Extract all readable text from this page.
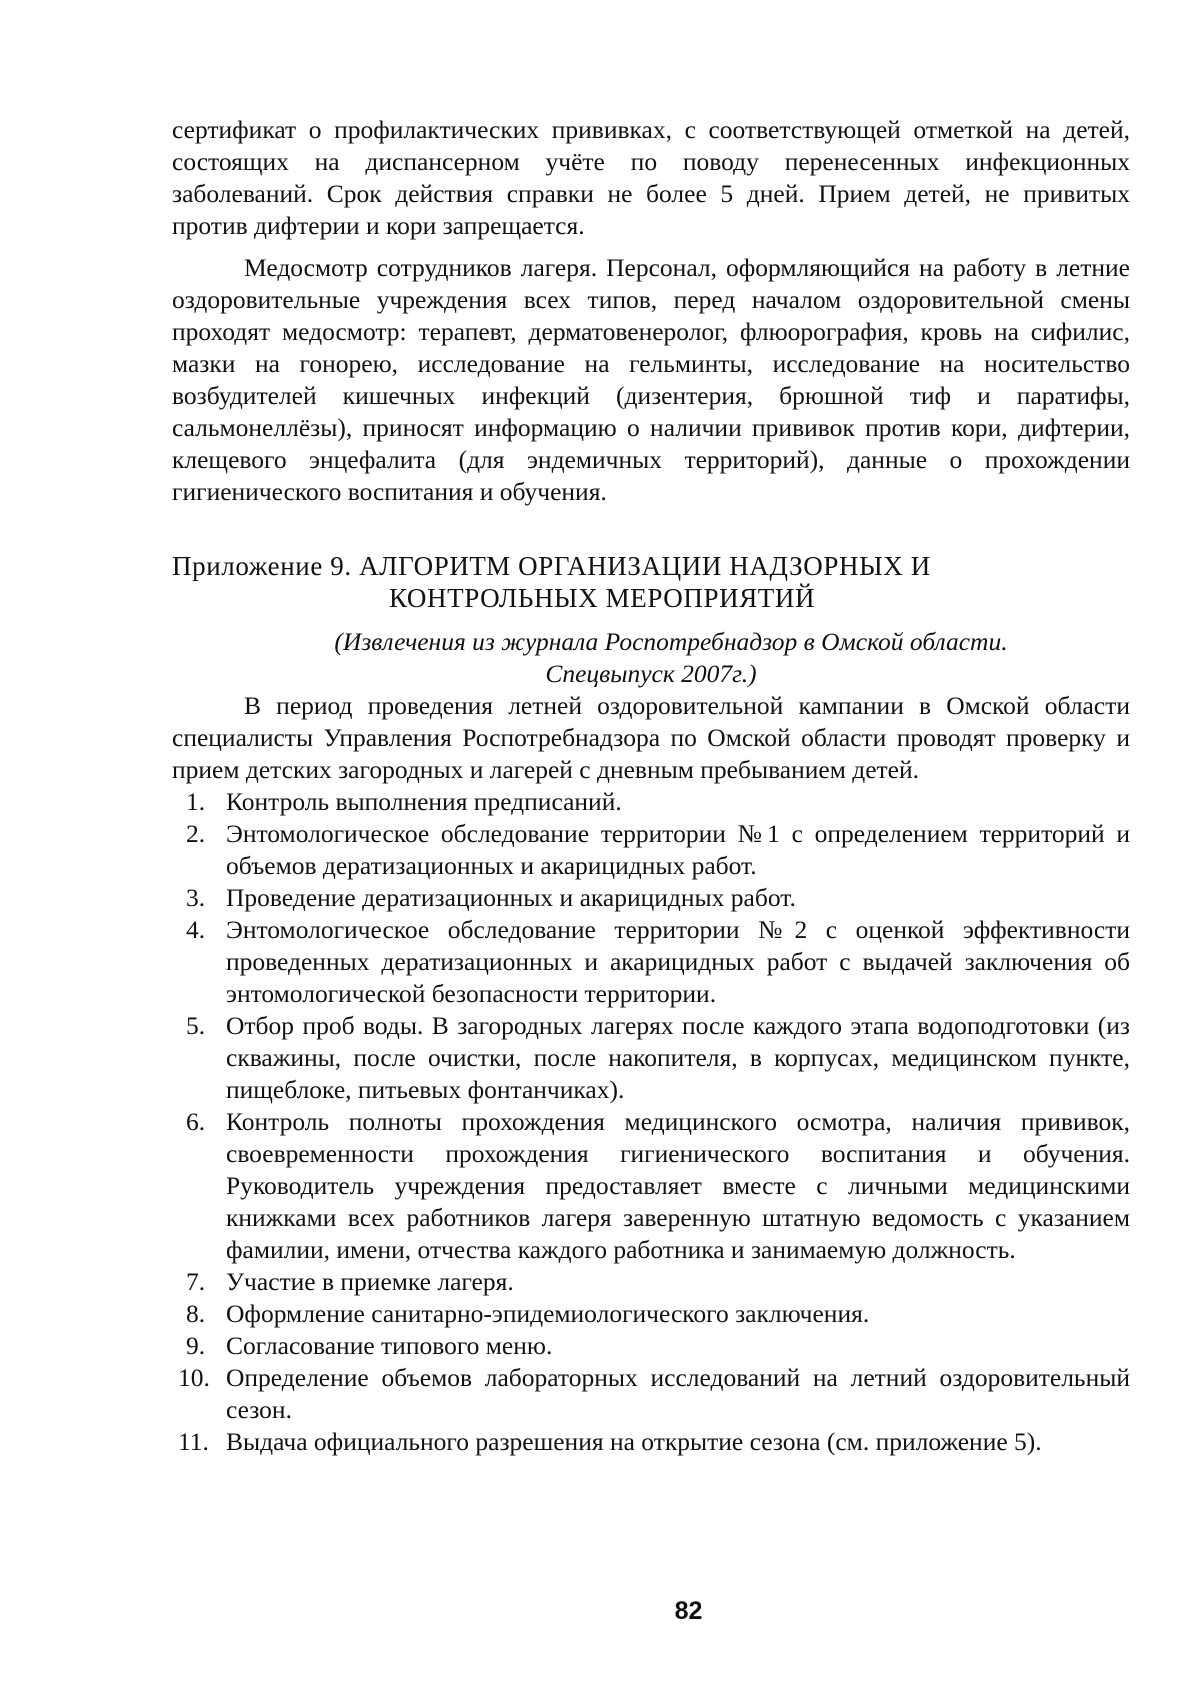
сертификат о профилактических прививках, с соответствующей отметкой на детей, состоящих на диспансерном учёте по поводу перенесенных инфекционных заболеваний. Срок действия справки не более 5 дней. Прием детей, не привитых против дифтерии и кори запрещается.

Медосмотр сотрудников лагеря. Персонал, оформляющийся на работу в летние оздоровительные учреждения всех типов, перед началом оздоровительной смены проходят медосмотр: терапевт, дерматовенеролог, флюорография, кровь на сифилис, мазки на гонорею, исследование на гельминты, исследование на носительство возбудителей кишечных инфекций (дизентерия, брюшной тиф и паратифы, сальмонеллёзы), приносят информацию о наличии прививок против кори, дифтерии, клещевого энцефалита (для эндемичных территорий), данные о прохождении гигиенического воспитания и обучения.

Приложение 9. АЛГОРИТМ ОРГАНИЗАЦИИ НАДЗОРНЫХ И
КОНТРОЛЬНЫХ МЕРОПРИЯТИЙ

(Извлечения из журнала Роспотребнадзор в Омской области.
Спецвыпуск 2007г.)

В период проведения летней оздоровительной кампании в Омской области специалисты Управления Роспотребнадзора по Омской области проводят проверку и прием детских загородных и лагерей с дневным пребыванием детей.

1. Контроль выполнения предписаний.
2. Энтомологическое обследование территории №1 с определением территорий и объемов дератизационных и акарицидных работ.
3. Проведение дератизационных и акарицидных работ.
4. Энтомологическое обследование территории №2 с оценкой эффективности проведенных дератизационных и акарицидных работ с выдачей заключения об энтомологической безопасности территории.
5. Отбор проб воды. В загородных лагерях после каждого этапа водоподготовки (из скважины, после очистки, после накопителя, в корпусах, медицинском пункте, пищеблоке, питьевых фонтанчиках).
6. Контроль полноты прохождения медицинского осмотра, наличия прививок, своевременности прохождения гигиенического воспитания и обучения. Руководитель учреждения предоставляет вместе с личными медицинскими книжками всех работников лагеря заверенную штатную ведомость с указанием фамилии, имени, отчества каждого работника и занимаемую должность.
7. Участие в приемке лагеря.
8. Оформление санитарно-эпидемиологического заключения.
9. Согласование типового меню.
10. Определение объемов лабораторных исследований на летний оздоровительный сезон.
11. Выдача официального разрешения на открытие сезона (см. приложение 5).
82
